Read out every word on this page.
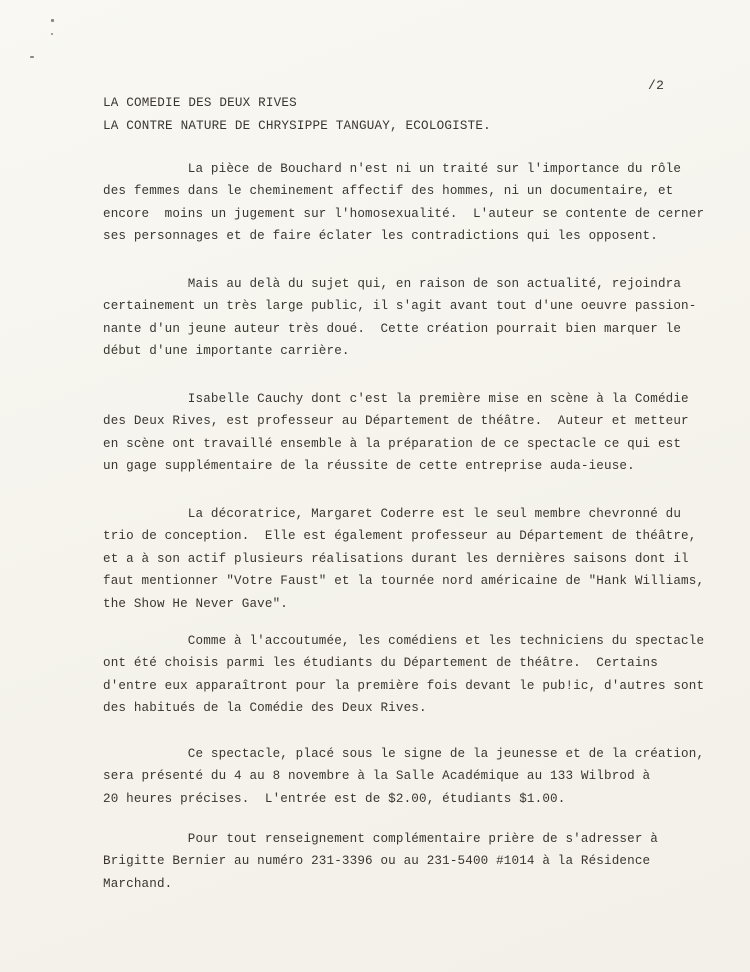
/2
LA COMEDIE DES DEUX RIVES
LA CONTRE NATURE DE CHRYSIPPE TANGUAY, ECOLOGISTE.
La pièce de Bouchard n'est ni un traité sur l'importance du rôle
des femmes dans le cheminement affectif des hommes, ni un documentaire, et
encore  moins un jugement sur l'homosexualité.  L'auteur se contente de cerner
ses personnages et de faire éclater les contradictions qui les opposent.
Mais au delà du sujet qui, en raison de son actualité, rejoindra
certainement un très large public, il s'agit avant tout d'une oeuvre passion-
nante d'un jeune auteur très doué.  Cette création pourrait bien marquer le
début d'une importante carrière.
Isabelle Cauchy dont c'est la première mise en scène à la Comédie
des Deux Rives, est professeur au Département de théâtre.  Auteur et metteur
en scène ont travaillé ensemble à la préparation de ce spectacle ce qui est
un gage supplémentaire de la réussite de cette entreprise auda-ieuse.
La décoratrice, Margaret Coderre est le seul membre chevronné du
trio de conception.  Elle est également professeur au Département de théâtre,
et a à son actif plusieurs réalisations durant les dernières saisons dont il
faut mentionner "Votre Faust" et la tournée nord américaine de "Hank Williams,
the Show He Never Gave".
Comme à l'accoutumée, les comédiens et les techniciens du spectacle
ont été choisis parmi les étudiants du Département de théâtre.  Certains
d'entre eux apparaîtront pour la première fois devant le pub!ic, d'autres sont
des habitués de la Comédie des Deux Rives.
Ce spectacle, placé sous le signe de la jeunesse et de la création,
sera présenté du 4 au 8 novembre à la Salle Académique au 133 Wilbrod à
20 heures précises.  L'entrée est de $2.00, étudiants $1.00.
Pour tout renseignement complémentaire prière de s'adresser à
Brigitte Bernier au numéro 231-3396 ou au 231-5400 #1014 à la Résidence
Marchand.
